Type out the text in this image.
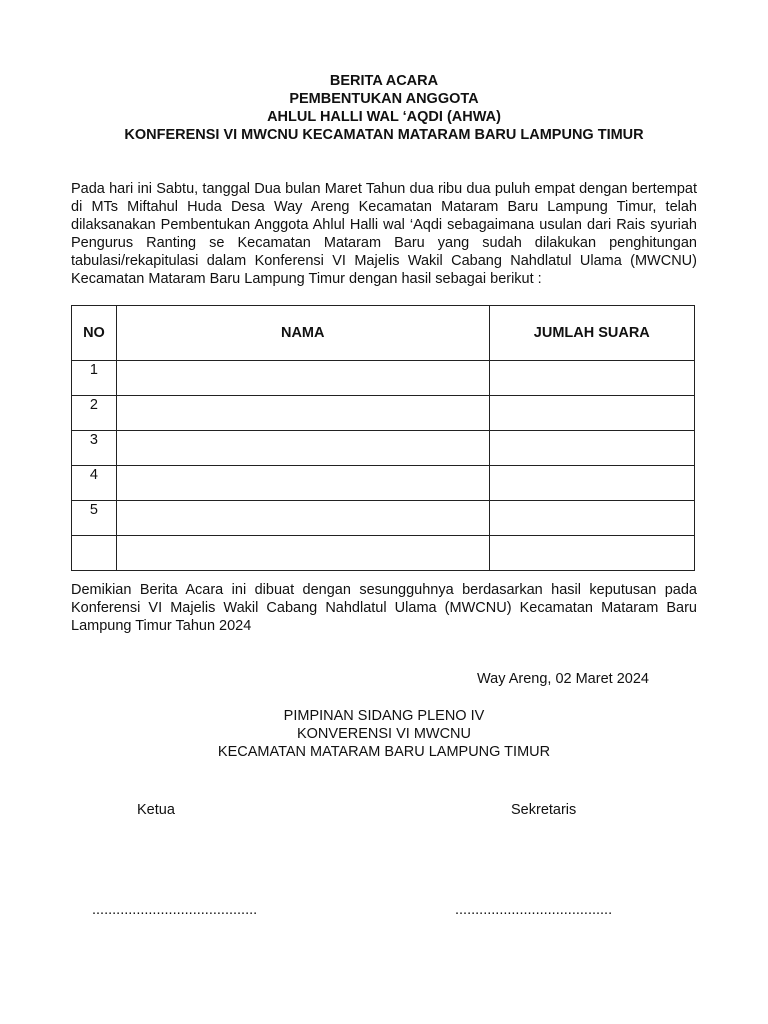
BERITA ACARA
PEMBENTUKAN ANGGOTA
AHLUL HALLI WAL ‘AQDI (AHWA)
KONFERENSI VI MWCNU KECAMATAN MATARAM BARU LAMPUNG TIMUR
Pada hari ini Sabtu, tanggal Dua bulan Maret Tahun dua ribu dua puluh empat dengan bertempat di MTs Miftahul Huda Desa Way Areng Kecamatan Mataram Baru Lampung Timur, telah dilaksanakan Pembentukan Anggota Ahlul Halli wal ‘Aqdi sebagaimana usulan dari Rais syuriah Pengurus Ranting se Kecamatan Mataram Baru yang sudah dilakukan penghitungan tabulasi/rekapitulasi dalam Konferensi VI Majelis Wakil Cabang Nahdlatul Ulama (MWCNU) Kecamatan Mataram Baru Lampung Timur dengan hasil sebagai berikut :
NO	NAMA	JUMLAH SUARA
1		
2		
3		
4		
5		

Demikian Berita Acara ini dibuat dengan sesungguhnya berdasarkan hasil keputusan pada Konferensi VI Majelis Wakil Cabang Nahdlatul Ulama (MWCNU) Kecamatan Mataram Baru Lampung Timur Tahun 2024
Way Areng, 02 Maret 2024
PIMPINAN SIDANG PLENO IV
KONVERENSI VI MWCNU
KECAMATAN MATARAM BARU LAMPUNG TIMUR
Ketua	Sekretaris
.........................................	.......................................
